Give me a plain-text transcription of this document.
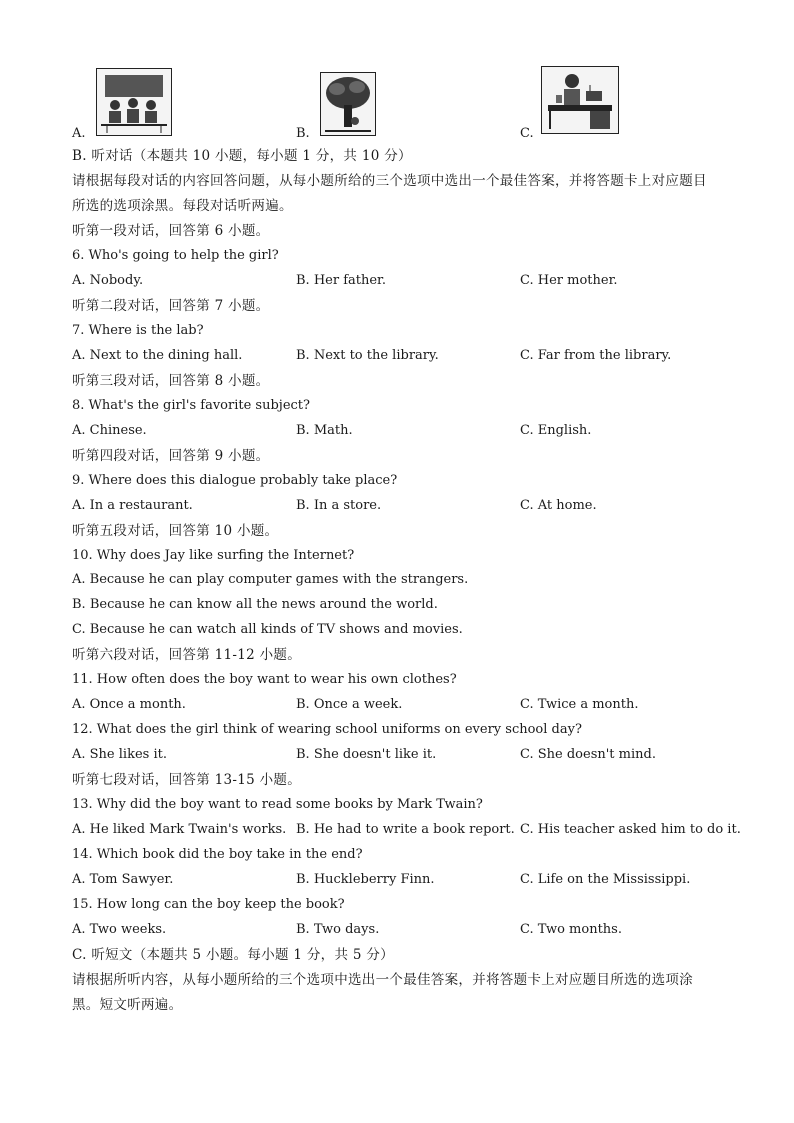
A.	B.	C.
B. 听对话（本题共 10 小题，每小题 1 分，共 10 分）
请根据每段对话的内容回答问题，从每小题所给的三个选项中选出一个最佳答案，并将答题卡上对应题目
所选的选项涂黑。每段对话听两遍。
听第一段对话，回答第 6 小题。
6. Who's going to help the girl?
A. Nobody.	B. Her father.	C. Her mother.
听第二段对话，回答第 7 小题。
7. Where is the lab?
A. Next to the dining hall.	B. Next to the library.	C. Far from the library.
听第三段对话，回答第 8 小题。
8. What's the girl's favorite subject?
A. Chinese.	B. Math.	C. English.
听第四段对话，回答第 9 小题。
9. Where does this dialogue probably take place?
A. In a restaurant.	B. In a store.	C. At home.
听第五段对话，回答第 10 小题。
10. Why does Jay like surfing the Internet?
A. Because he can play computer games with the strangers.
B. Because he can know all the news around the world.
C. Because he can watch all kinds of TV shows and movies.
听第六段对话，回答第 11-12 小题。
11. How often does the boy want to wear his own clothes?
A. Once a month.	B. Once a week.	C. Twice a month.
12. What does the girl think of wearing school uniforms on every school day?
A. She likes it.	B. She doesn't like it.	C. She doesn't mind.
听第七段对话，回答第 13-15 小题。
13. Why did the boy want to read some books by Mark Twain?
A. He liked Mark Twain's works. B. He had to write a book report. C. His teacher asked him to do it.
14. Which book did the boy take in the end?
A. Tom Sawyer.	B. Huckleberry Finn.	C. Life on the Mississippi.
15. How long can the boy keep the book?
A. Two weeks.	B. Two days.	C. Two months.
C. 听短文（本题共 5 小题。每小题 1 分，共 5 分）
请根据所听内容，从每小题所给的三个选项中选出一个最佳答案，并将答题卡上对应题目所选的选项涂
黑。短文听两遍。
